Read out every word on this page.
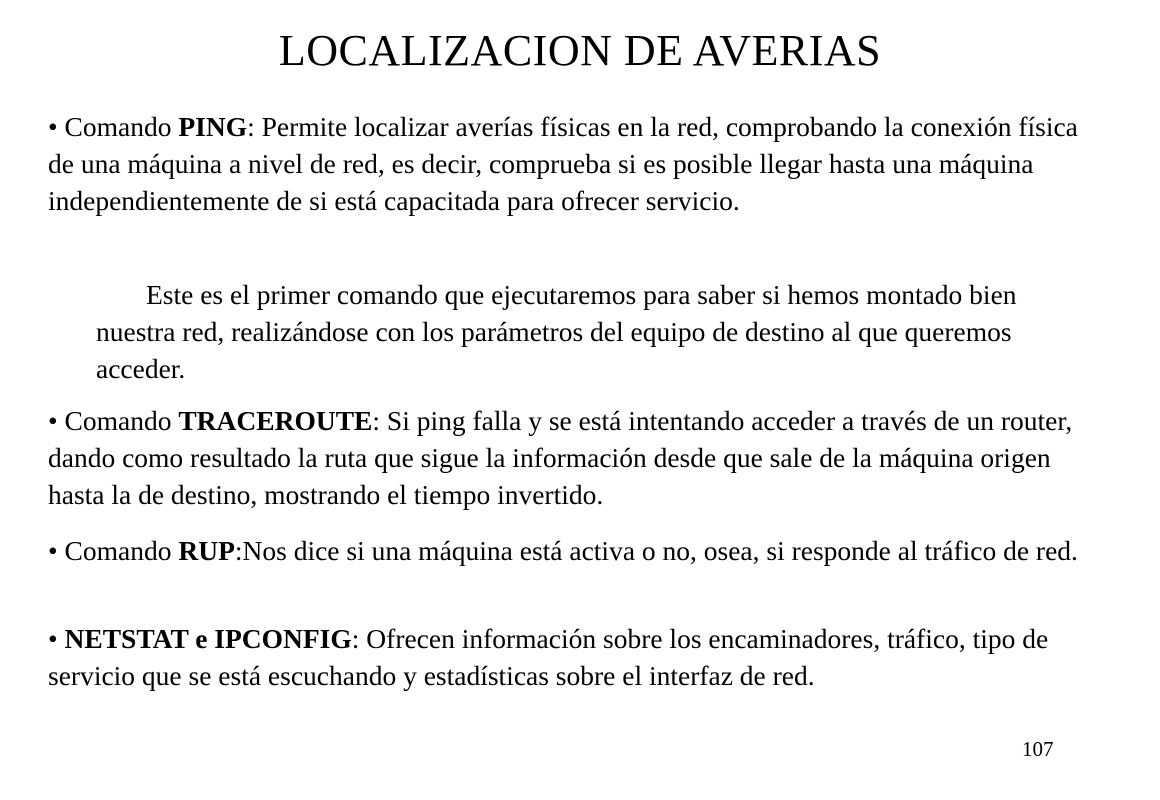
LOCALIZACION DE AVERIAS

• Comando PING: Permite localizar averías físicas en la red, comprobando la conexión física de una máquina a nivel de red, es decir, comprueba si es posible llegar hasta una máquina independientemente de si está capacitada para ofrecer servicio.

Este es el primer comando que ejecutaremos para saber si hemos montado bien nuestra red, realizándose con los parámetros del equipo de destino al que queremos acceder.

• Comando TRACEROUTE: Si ping falla y se está intentando acceder a través de un router, dando como resultado la ruta que sigue la información desde que sale de la máquina origen hasta la de destino, mostrando el tiempo invertido.

• Comando RUP:Nos dice si una máquina está activa o no, osea, si responde al tráfico de red.

• NETSTAT e IPCONFIG: Ofrecen información sobre los encaminadores, tráfico, tipo de servicio que se está escuchando y estadísticas sobre el interfaz de red.

107
